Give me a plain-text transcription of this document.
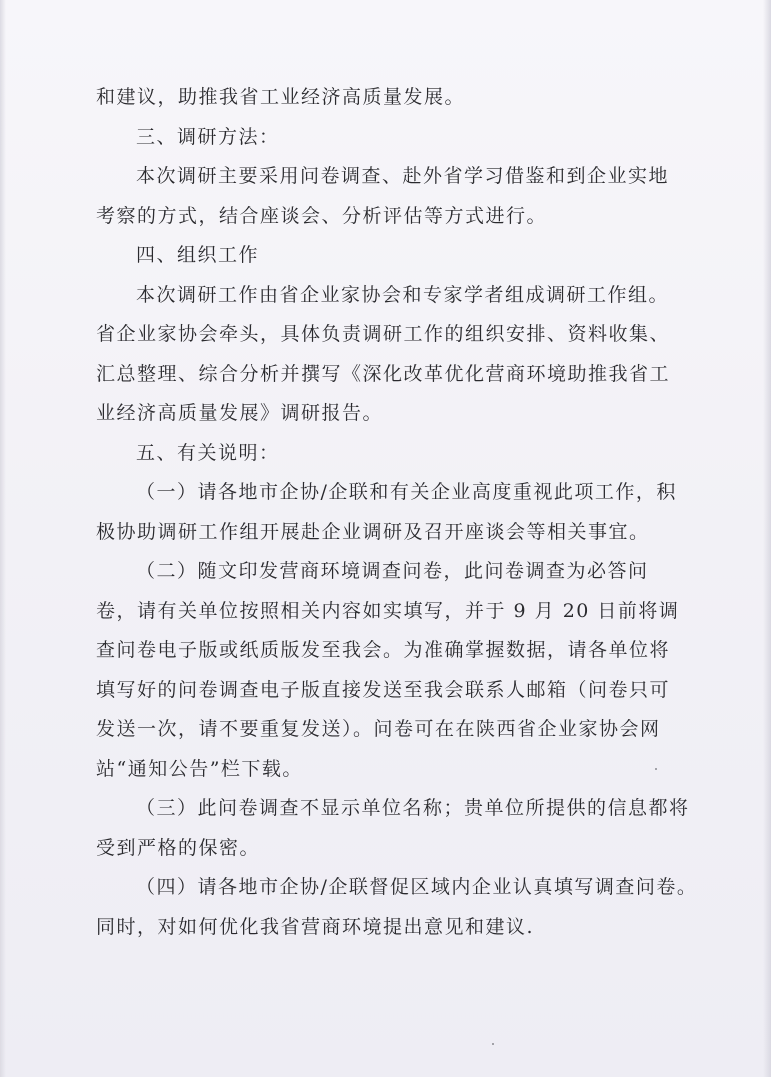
和建议，助推我省工业经济高质量发展。
三、调研方法：
本次调研主要采用问卷调查、赴外省学习借鉴和到企业实地
考察的方式，结合座谈会、分析评估等方式进行。
四、组织工作
本次调研工作由省企业家协会和专家学者组成调研工作组。
省企业家协会牵头，具体负责调研工作的组织安排、资料收集、
汇总整理、综合分析并撰写《深化改革优化营商环境助推我省工
业经济高质量发展》调研报告。
五、有关说明：
（一）请各地市企协/企联和有关企业高度重视此项工作，积
极协助调研工作组开展赴企业调研及召开座谈会等相关事宜。
（二）随文印发营商环境调查问卷，此问卷调查为必答问
卷，请有关单位按照相关内容如实填写，并于 9 月 20 日前将调
查问卷电子版或纸质版发至我会。为准确掌握数据，请各单位将
填写好的问卷调查电子版直接发送至我会联系人邮箱（问卷只可
发送一次，请不要重复发送）。问卷可在在陕西省企业家协会网
站“通知公告”栏下载。
（三）此问卷调查不显示单位名称；贵单位所提供的信息都将
受到严格的保密。
（四）请各地市企协/企联督促区域内企业认真填写调查问卷。
同时，对如何优化我省营商环境提出意见和建议.
